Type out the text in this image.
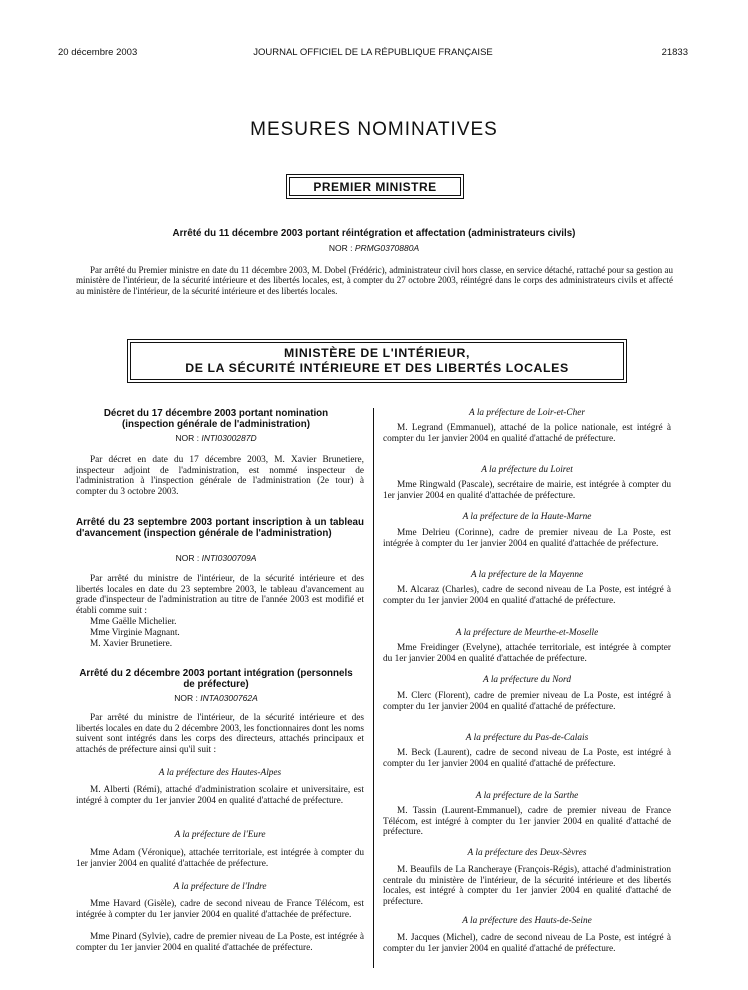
20 décembre 2003	JOURNAL OFFICIEL DE LA RÉPUBLIQUE FRANÇAISE	21833
MESURES NOMINATIVES
PREMIER MINISTRE
Arrêté du 11 décembre 2003 portant réintégration et affectation (administrateurs civils)
NOR : PRMG0370880A

Par arrêté du Premier ministre en date du 11 décembre 2003, M. Dobel (Frédéric), administrateur civil hors classe, en service détaché, rattaché pour sa gestion au ministère de l'intérieur, de la sécurité intérieure et des libertés locales, est, à compter du 27 octobre 2003, réintégré dans le corps des administrateurs civils et affecté au ministère de l'intérieur, de la sécurité intérieure et des libertés locales.

MINISTÈRE DE L'INTÉRIEUR,
DE LA SÉCURITÉ INTÉRIEURE ET DES LIBERTÉS LOCALES
Décret du 17 décembre 2003 portant nomination (inspection générale de l'administration)
NOR : INTI0300287D

Par décret en date du 17 décembre 2003, M. Xavier Brunetiere, inspecteur adjoint de l'administration, est nommé inspecteur de l'administration à l'inspection générale de l'administration (2e tour) à compter du 3 octobre 2003.

Arrêté du 23 septembre 2003 portant inscription à un tableau d'avancement (inspection générale de l'administration)
NOR : INTI0300709A

Par arrêté du ministre de l'intérieur, de la sécurité intérieure et des libertés locales en date du 23 septembre 2003, le tableau d'avancement au grade d'inspecteur de l'administration au titre de l'année 2003 est modifié et établi comme suit :

Mme Gaëlle Michelier.
Mme Virginie Magnant.
M. Xavier Brunetiere.
Arrêté du 2 décembre 2003 portant intégration (personnels de préfecture)
NOR : INTA0300762A

Par arrêté du ministre de l'intérieur, de la sécurité intérieure et des libertés locales en date du 2 décembre 2003, les fonctionnaires dont les noms suivent sont intégrés dans les corps des directeurs, attachés principaux et attachés de préfecture ainsi qu'il suit :

A la préfecture des Hautes-Alpes

M. Alberti (Rémi), attaché d'administration scolaire et universitaire, est intégré à compter du 1er janvier 2004 en qualité d'attaché de préfecture.

A la préfecture de l'Eure

Mme Adam (Véronique), attachée territoriale, est intégrée à compter du 1er janvier 2004 en qualité d'attachée de préfecture.

A la préfecture de l'Indre

Mme Havard (Gisèle), cadre de second niveau de France Télécom, est intégrée à compter du 1er janvier 2004 en qualité d'attachée de préfecture.

Mme Pinard (Sylvie), cadre de premier niveau de La Poste, est intégrée à compter du 1er janvier 2004 en qualité d'attachée de préfecture.

A la préfecture de Loir-et-Cher

M. Legrand (Emmanuel), attaché de la police nationale, est intégré à compter du 1er janvier 2004 en qualité d'attaché de préfecture.

A la préfecture du Loiret

Mme Ringwald (Pascale), secrétaire de mairie, est intégrée à compter du 1er janvier 2004 en qualité d'attachée de préfecture.

A la préfecture de la Haute-Marne

Mme Delrieu (Corinne), cadre de premier niveau de La Poste, est intégrée à compter du 1er janvier 2004 en qualité d'attachée de préfecture.

A la préfecture de la Mayenne

M. Alcaraz (Charles), cadre de second niveau de La Poste, est intégré à compter du 1er janvier 2004 en qualité d'attaché de préfecture.

A la préfecture de Meurthe-et-Moselle

Mme Freidinger (Evelyne), attachée territoriale, est intégrée à compter du 1er janvier 2004 en qualité d'attachée de préfecture.

A la préfecture du Nord

M. Clerc (Florent), cadre de premier niveau de La Poste, est intégré à compter du 1er janvier 2004 en qualité d'attaché de préfecture.

A la préfecture du Pas-de-Calais

M. Beck (Laurent), cadre de second niveau de La Poste, est intégré à compter du 1er janvier 2004 en qualité d'attaché de préfecture.

A la préfecture de la Sarthe

M. Tassin (Laurent-Emmanuel), cadre de premier niveau de France Télécom, est intégré à compter du 1er janvier 2004 en qualité d'attaché de préfecture.

A la préfecture des Deux-Sèvres

M. Beaufils de La Rancheraye (François-Régis), attaché d'administration centrale du ministère de l'intérieur, de la sécurité intérieure et des libertés locales, est intégré à compter du 1er janvier 2004 en qualité d'attaché de préfecture.

A la préfecture des Hauts-de-Seine

M. Jacques (Michel), cadre de second niveau de La Poste, est intégré à compter du 1er janvier 2004 en qualité d'attaché de préfecture.
